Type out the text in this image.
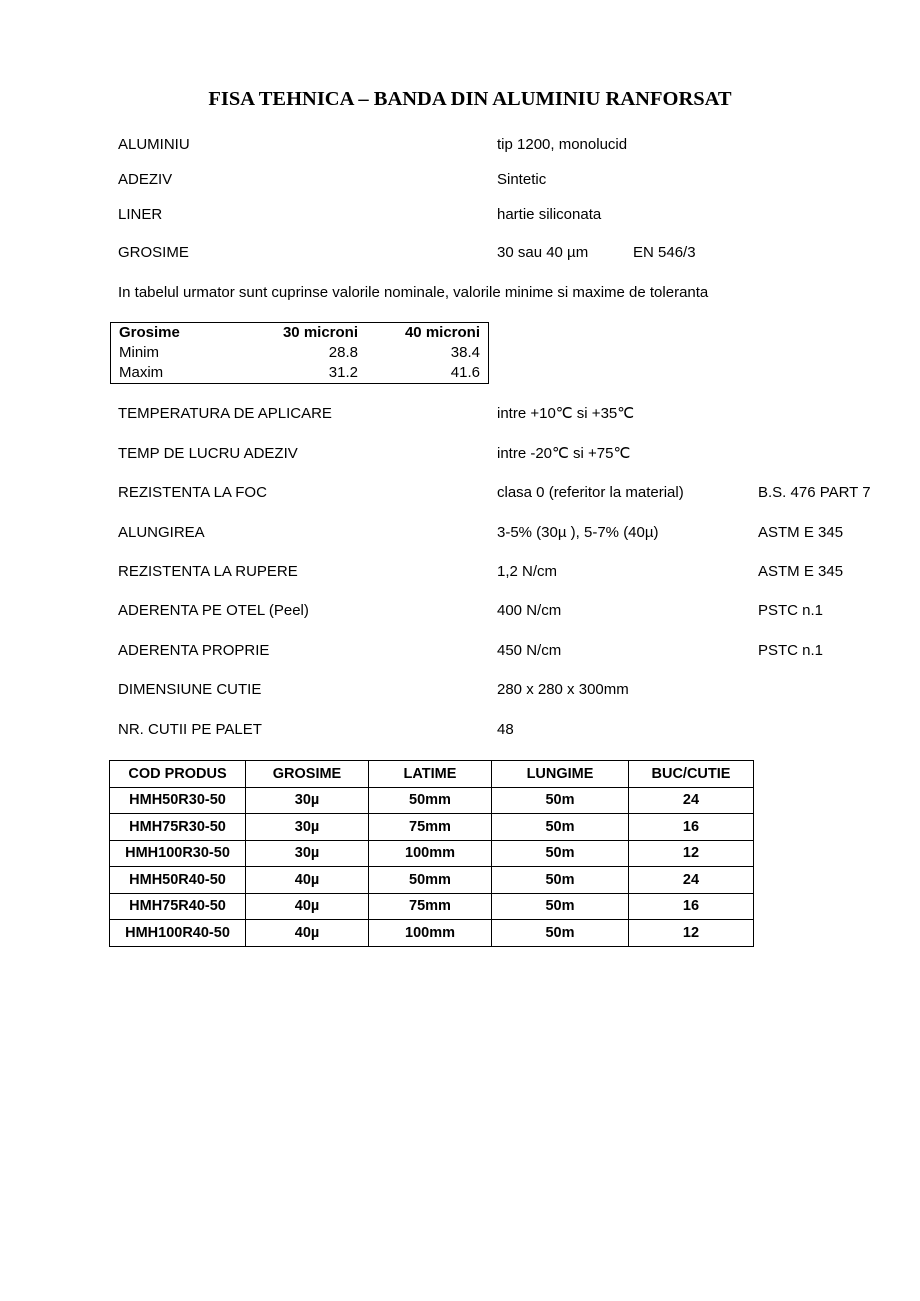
FISA TEHNICA – BANDA DIN ALUMINIU RANFORSAT
ALUMINIU	tip 1200, monolucid
ADEZIV	Sintetic
LINER	hartie siliconata
GROSIME	30 sau 40 µm	EN 546/3
In tabelul urmator sunt cuprinse valorile nominale, valorile minime si maxime de toleranta
Grosime	30 microni	40 microni
Minim	28.8	38.4
Maxim	31.2	41.6
TEMPERATURA DE APLICARE	intre +10℃ si +35℃
TEMP DE LUCRU ADEZIV	intre -20℃ si +75℃
REZISTENTA LA FOC	clasa 0 (referitor la material)	B.S. 476 PART 7
ALUNGIREA	3-5% (30µ ), 5-7% (40µ)	ASTM E 345
REZISTENTA LA RUPERE	1,2 N/cm	ASTM E 345
ADERENTA PE OTEL (Peel)	400 N/cm	PSTC n.1
ADERENTA PROPRIE	450 N/cm	PSTC n.1
DIMENSIUNE CUTIE	280 x 280 x 300mm
NR. CUTII PE PALET	48
COD PRODUS	GROSIME	LATIME	LUNGIME	BUC/CUTIE
HMH50R30-50	30µ	50mm	50m	24
HMH75R30-50	30µ	75mm	50m	16
HMH100R30-50	30µ	100mm	50m	12
HMH50R40-50	40µ	50mm	50m	24
HMH75R40-50	40µ	75mm	50m	16
HMH100R40-50	40µ	100mm	50m	12
